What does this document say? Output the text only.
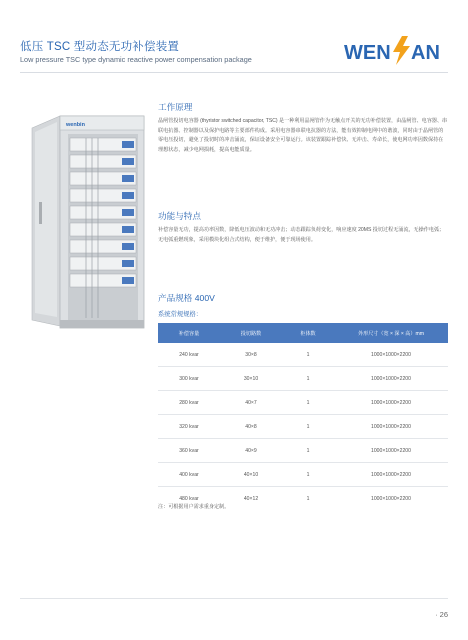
低压 TSC 型动态无功补偿装置
Low pressure TSC type dynamic reactive power compensation package	WEN AN
wenbin
工作原理
晶闸管投切电容器 (thyristor switched capacitor, TSC) 是一种利用晶闸管作为无触点开关的无功补偿装置，由晶闸管、电容器、串联电抗器、控制器以及保护电路等主要部件构成。采用电容器串联电抗器的方法，能有效抑制电网中的谐波，同时由于晶闸管的零电压投切，避免了投切时的冲击涌流，保证设备安全可靠运行。该装置跟踪补偿快、无冲击、寿命长，使电网功率因数保持在理想状态，减少电网损耗，提高电能质量。
功能与特点
补偿容量无功，提高功率因数，降低电压波动和无功冲击；动态跟踪负荷变化，响应速度 20MS 投切过程无涌流，无操作电弧；无电弧重燃现象，采用模块化组合式结构，便于维护，便于现场使用。
产品规格 400V
系统常规规格：
补偿容量	投切路数	柜体数	外形尺寸（宽 × 深 × 高）mm
240 kvar	30×8	1	1000×1000×2200
300 kvar	30×10	1	1000×1000×2200
280 kvar	40×7	1	1000×1000×2200
320 kvar	40×8	1	1000×1000×2200
360 kvar	40×9	1	1000×1000×2200
400 kvar	40×10	1	1000×1000×2200
480 kvar	40×12	1	1000×1000×2200
注：可根据用户需求重身定制。
· 26
